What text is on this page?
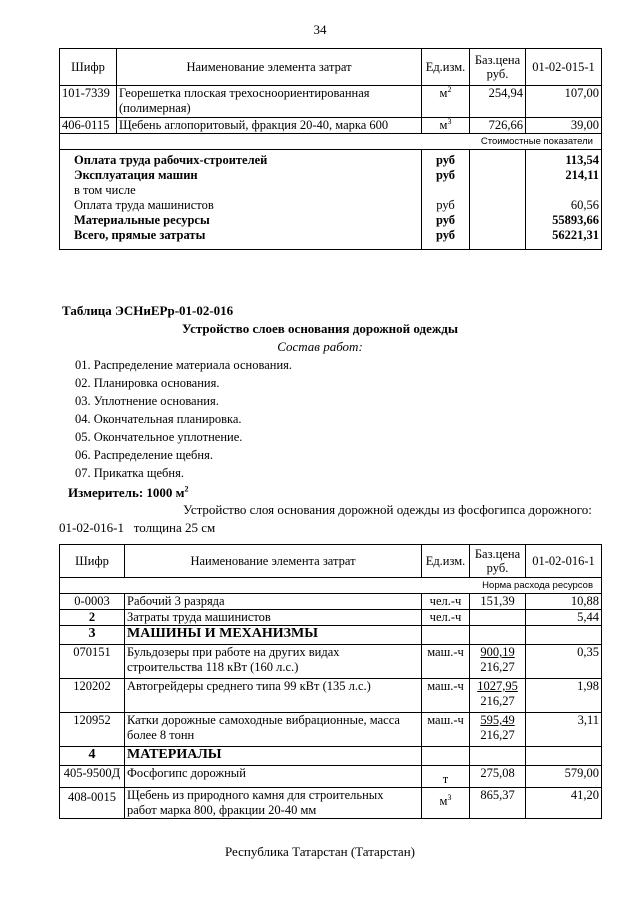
34
Шифр	Наименование элемента затрат	Ед.изм.	Баз.цена
руб.	01-02-015-1
101-7339	Георешетка плоская трехосноориентированная
(полимерная)	$м^2$	254,94	107,00
406-0115	Щебень аглопоритовый, фракция 20-40, марка 600	$м^3$	726,66	39,00
Стоимостные показатели				
Оплата труда рабочих-строителей		руб		113,54
Эксплуатация машин		руб		214,11
в том числе				
Оплата труда машинистов		руб		60,56
Материальные ресурсы		руб		55893,66
Всего, прямые затраты		руб		56221,31
Таблица ЭСНиЕРр-01-02-016
Устройство слоев основания дорожной одежды
Состав работ:
01. Распределение материала основания.
02. Планировка основания.
03. Уплотнение основания.
04. Окончательная планировка.
05. Окончательное уплотнение.
06. Распределение щебня.
07. Прикатка щебня.
Измеритель: 1000 $м^2$
Устройство слоя основания дорожной одежды из фосфогипса дорожного:
01-02-016-1 толщина 25 см
Шифр	Наименование элемента затрат	Ед.изм.	Баз.цена
руб.	01-02-016-1
			Норма расхода ресурсов	
0-0003	Рабочий 3 разряда	чел.-ч	151,39	10,88
2	Затраты труда машинистов	чел.-ч		5,44
3	МАШИНЫ И МЕХАНИЗМЫ			
070151	Бульдозеры при работе на других видах
строительства 118 кВт (160 л.с.)	маш.-ч	900,19
216,27	0,35
120202	Автогрейдеры среднего типа 99 кВт (135 л.с.)	маш.-ч	1027,95
216,27	1,98
120952	Катки дорожные самоходные вибрационные, масса
более 8 тонн	маш.-ч	595,49
216,27	3,11
4	МАТЕРИАЛЫ			
405-9500Д	Фосфогипс дорожный	т	275,08	579,00
408-0015	Щебень из природного камня для строительных
работ марка 800, фракции 20-40 мм	$м^3$	865,37	41,20
Республика Татарстан (Татарстан)
